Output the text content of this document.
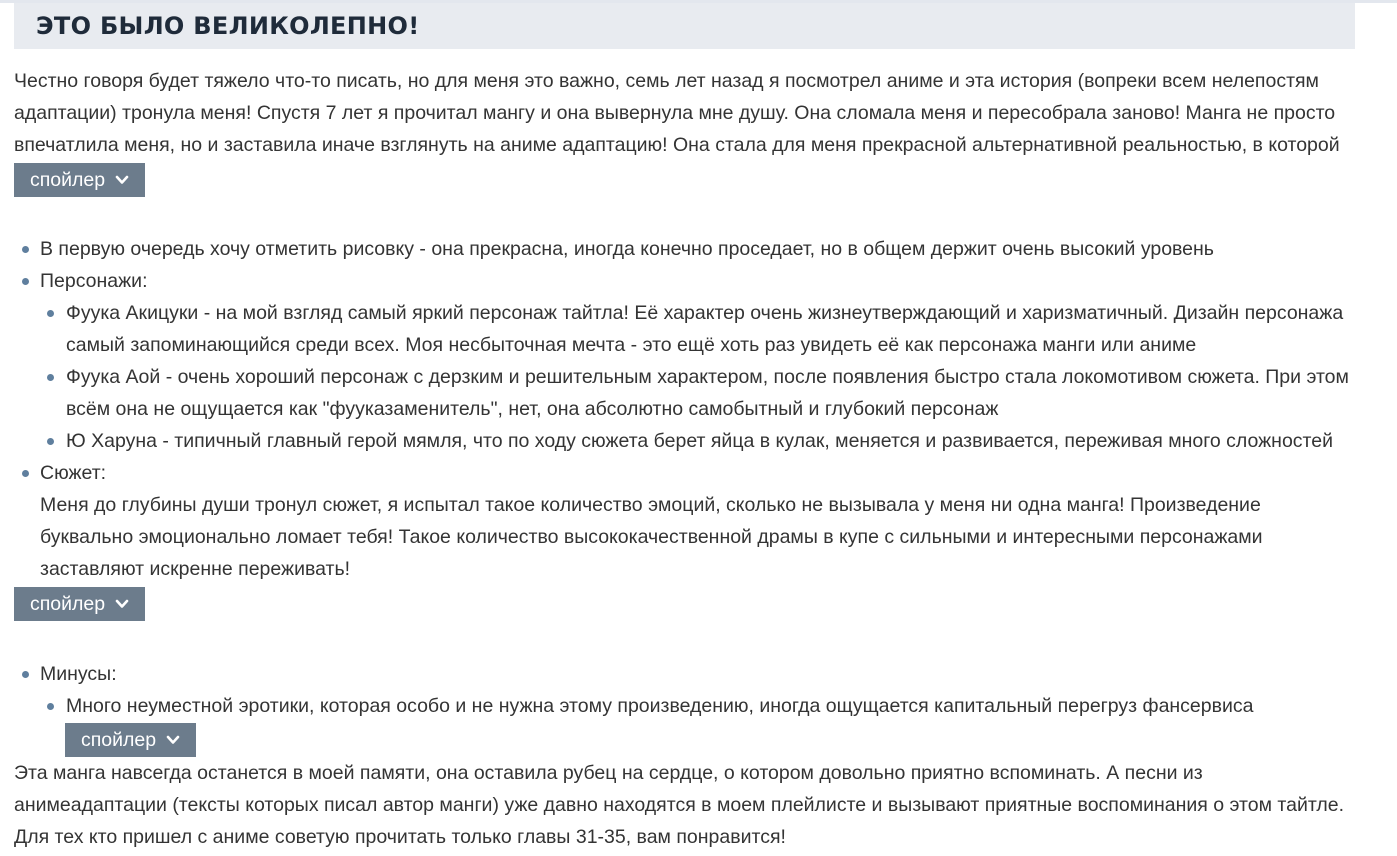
ЭТО БЫЛО ВЕЛИКОЛЕПНО!

Честно говоря будет тяжело что-то писать, но для меня это важно, семь лет назад я посмотрел аниме и эта история (вопреки всем нелепостям адаптации) тронула меня! Спустя 7 лет я прочитал мангу и она вывернула мне душу. Она сломала меня и пересобрала заново! Манга не просто впечатлила меня, но и заставила иначе взглянуть на аниме адаптацию! Она стала для меня прекрасной альтернативной реальностью, в которой

спойлер
В первую очередь хочу отметить рисовку - она прекрасна, иногда конечно проседает, но в общем держит очень высокий уровень
Персонажи:
Фуука Акицуки - на мой взгляд самый яркий персонаж тайтла! Её характер очень жизнеутверждающий и харизматичный. Дизайн персонажа самый запоминающийся среди всех. Моя несбыточная мечта - это ещё хоть раз увидеть её как персонажа манги или аниме
Фуука Аой - очень хороший персонаж с дерзким и решительным характером, после появления быстро стала локомотивом сюжета. При этом всём она не ощущается как "фууказаменитель", нет, она абсолютно самобытный и глубокий персонаж
Ю Харуна - типичный главный герой мямля, что по ходу сюжета берет яйца в кулак, меняется и развивается, переживая много сложностей
Сюжет:
Меня до глубины души тронул сюжет, я испытал такое количество эмоций, сколько не вызывала у меня ни одна манга! Произведение буквально эмоционально ломает тебя! Такое количество высококачественной драмы в купе с сильными и интересными персонажами заставляют искренне переживать!
спойлер
Минусы:
Много неуместной эротики, которая особо и не нужна этому произведению, иногда ощущается капитальный перегруз фансервиса
спойлер

Эта манга навсегда останется в моей памяти, она оставила рубец на сердце, о котором довольно приятно вспоминать. А песни из анимеадаптации (тексты которых писал автор манги) уже давно находятся в моем плейлисте и вызывают приятные воспоминания о этом тайтле. Для тех кто пришел с аниме советую прочитать только главы 31-35, вам понравится!
